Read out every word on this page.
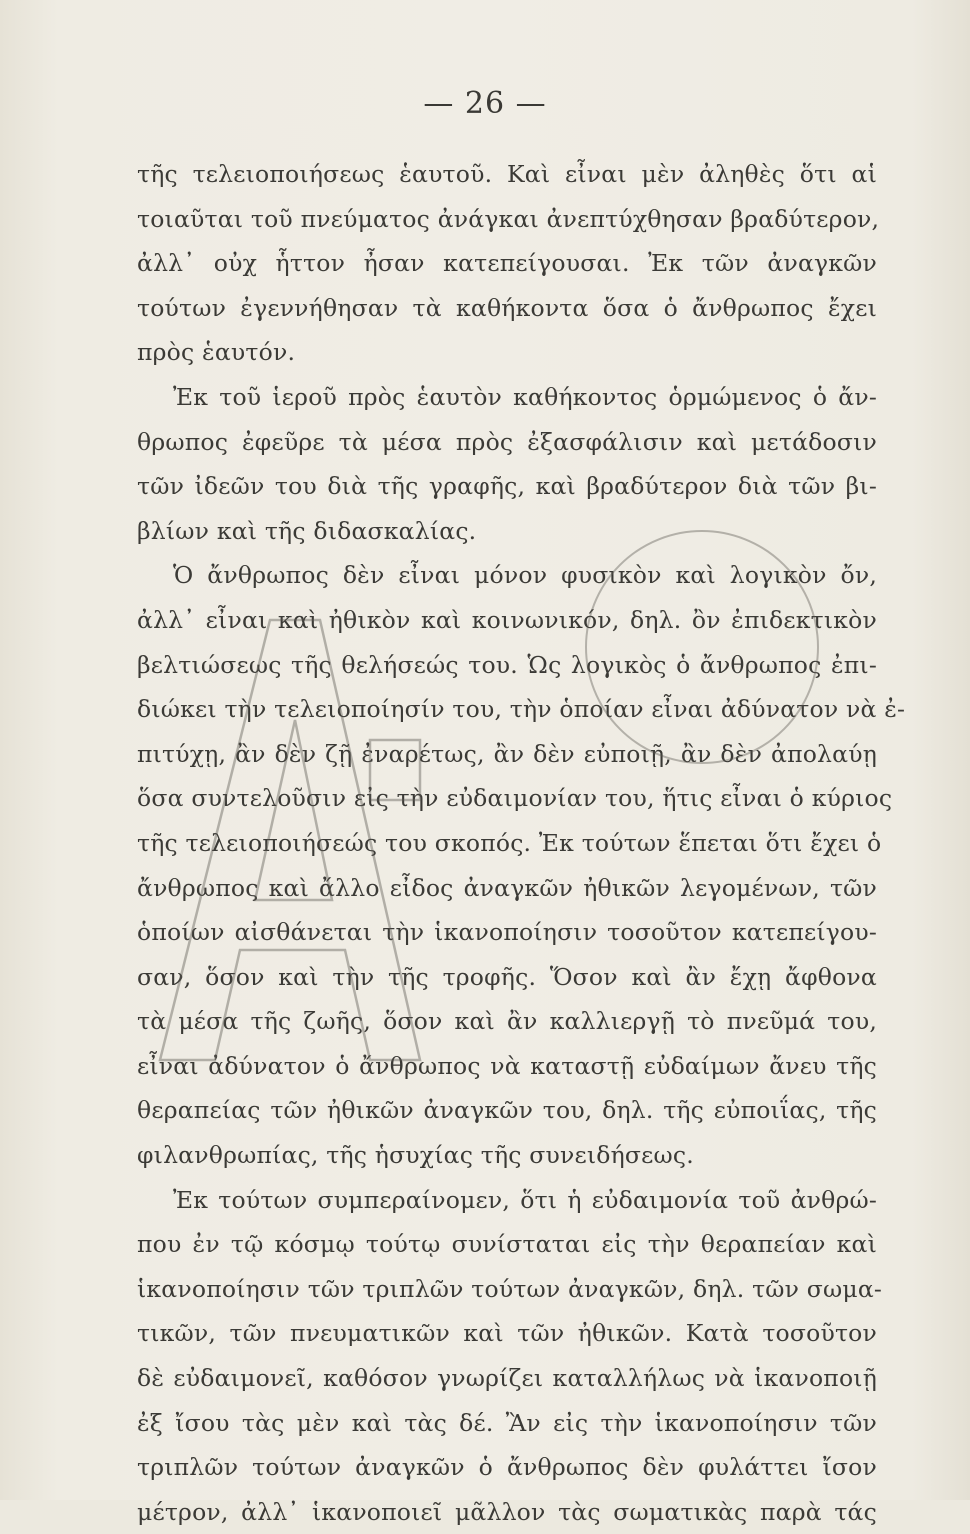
— 26 —
τῆς τελειοποιήσεως ἑαυτοῦ. Καὶ εἶναι μὲν ἀληθὲς ὅτι αἱ
τοιαῦται τοῦ πνεύματος ἀνάγκαι ἀνεπτύχθησαν βραδύτερον,
ἀλλ᾽ οὐχ ἧττον ἦσαν κατεπείγουσαι. Ἐκ τῶν ἀναγκῶν
τούτων ἐγεννήθησαν τὰ καθήκοντα ὅσα ὁ ἄνθρωπος ἔχει
πρὸς ἑαυτόν.
Ἐκ τοῦ ἱεροῦ πρὸς ἑαυτὸν καθήκοντος ὁρμώμενος ὁ ἄν-
θρωπος ἐφεῦρε τὰ μέσα πρὸς ἐξασφάλισιν καὶ μετάδοσιν
τῶν ἰδεῶν του διὰ τῆς γραφῆς, καὶ βραδύτερον διὰ τῶν βι-
βλίων καὶ τῆς διδασκαλίας.
Ὁ ἄνθρωπος δὲν εἶναι μόνον φυσικὸν καὶ λογικὸν ὄν,
ἀλλ᾽ εἶναι καὶ ἠθικὸν καὶ κοινωνικόν, δηλ. ὂν ἐπιδεκτικὸν
βελτιώσεως τῆς θελήσεώς του. Ὡς λογικὸς ὁ ἄνθρωπος ἐπι-
διώκει τὴν τελειοποίησίν του, τὴν ὁποίαν εἶναι ἀδύνατον νὰ ἐ-
πιτύχῃ, ἂν δὲν ζῇ ἐναρέτως, ἂν δὲν εὐποιῇ, ἂν δὲν ἀπολαύῃ
ὅσα συντελοῦσιν εἰς τὴν εὐδαιμονίαν του, ἥτις εἶναι ὁ κύριος
τῆς τελειοποιήσεώς του σκοπός. Ἐκ τούτων ἕπεται ὅτι ἔχει ὁ
ἄνθρωπος καὶ ἄλλο εἶδος ἀναγκῶν ἠθικῶν λεγομένων, τῶν
ὁποίων αἰσθάνεται τὴν ἱκανοποίησιν τοσοῦτον κατεπείγου-
σαν, ὅσον καὶ τὴν τῆς τροφῆς. Ὅσον καὶ ἂν ἔχῃ ἄφθονα
τὰ μέσα τῆς ζωῆς, ὅσον καὶ ἂν καλλιεργῇ τὸ πνεῦμά του,
εἶναι ἀδύνατον ὁ ἄνθρωπος νὰ καταστῇ εὐδαίμων ἄνευ τῆς
θεραπείας τῶν ἠθικῶν ἀναγκῶν του, δηλ. τῆς εὐποιΐας, τῆς
φιλανθρωπίας, τῆς ἡσυχίας τῆς συνειδήσεως.
Ἐκ τούτων συμπεραίνομεν, ὅτι ἡ εὐδαιμονία τοῦ ἀνθρώ-
που ἐν τῷ κόσμῳ τούτῳ συνίσταται εἰς τὴν θεραπείαν καὶ
ἱκανοποίησιν τῶν τριπλῶν τούτων ἀναγκῶν, δηλ. τῶν σωμα-
τικῶν, τῶν πνευματικῶν καὶ τῶν ἠθικῶν. Κατὰ τοσοῦτον
δὲ εὐδαιμονεῖ, καθόσον γνωρίζει καταλλήλως νὰ ἱκανοποιῇ
ἐξ ἴσου τὰς μὲν καὶ τὰς δέ. Ἂν εἰς τὴν ἱκανοποίησιν τῶν
τριπλῶν τούτων ἀναγκῶν ὁ ἄνθρωπος δὲν φυλάττει ἴσον
μέτρον, ἀλλ᾽ ἱκανοποιεῖ μᾶλλον τὰς σωματικὰς παρὰ τάς
